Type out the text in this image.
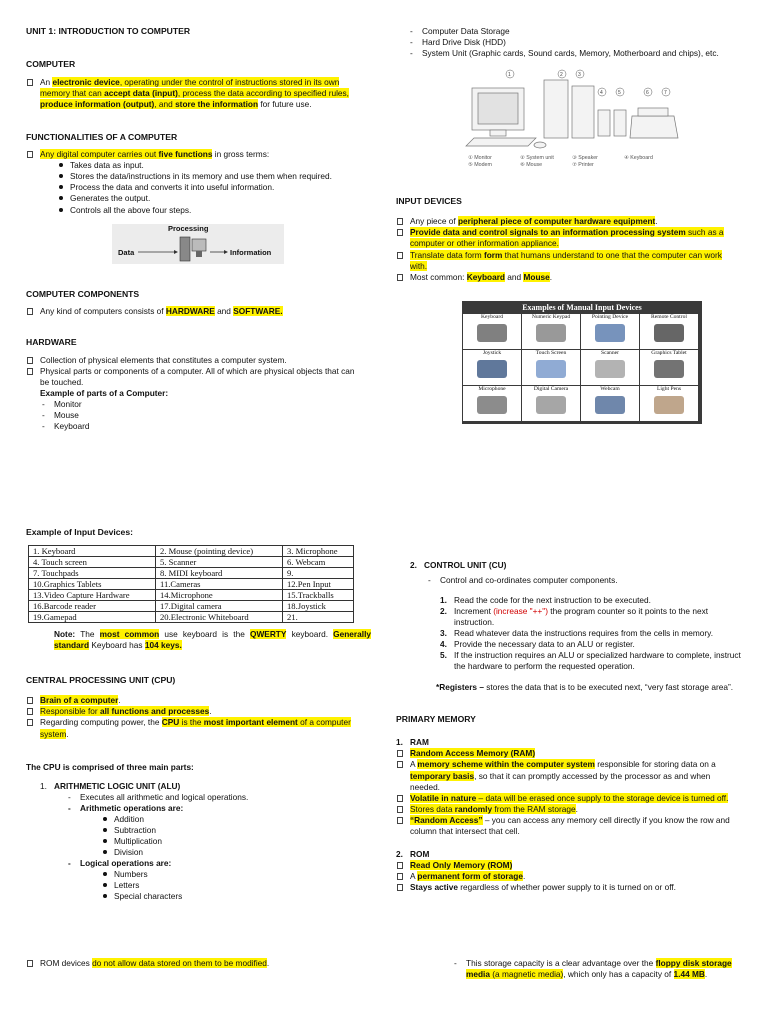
UNIT 1: INTRODUCTION TO COMPUTER

COMPUTER

An electronic device, operating under the control of instructions stored in its own memory that can accept data (input), process the data according to specified rules, produce information (output), and store the information for future use.

FUNCTIONALITIES OF A COMPUTER

Any digital computer carries out five functions in gross terms:
Takes data as input.
Stores the data/instructions in its memory and use them when required.
Process the data and converts it into useful information.
Generates the output.
Controls all the above four steps.
Processing
Data	Information

COMPUTER COMPONENTS

Any kind of computers consists of HARDWARE and SOFTWARE.

HARDWARE

Collection of physical elements that constitutes a computer system.
Physical parts or components of a computer. All of which are physical objects that can be touched.
Example of parts of a Computer:
- Monitor
- Mouse
- Keyboard

Example of Input Devices:

1. Keyboard	2. Mouse (pointing device)	3. Microphone
4. Touch screen	5. Scanner	6. Webcam
7. Touchpads	8. MIDI keyboard	9.
10.Graphics Tablets	11.Cameras	12.Pen Input
13.Video Capture Hardware	14.Microphone	15.Trackballs
16.Barcode reader	17.Digital camera	18.Joystick
19.Gamepad	20.Electronic Whiteboard	21.
Note: The most common use keyboard is the QWERTY keyboard. Generally standard Keyboard has 104 keys.

CENTRAL PROCESSING UNIT (CPU)

Brain of a computer.
Responsible for all functions and processes.
Regarding computing power, the CPU is the most important element of a computer system.

The CPU is comprised of three main parts:

1. ARITHMETIC LOGIC UNIT (ALU)
- Executes all arithmetic and logical operations.
- Arithmetic operations are:
Addition
Subtraction
Multiplication
Division
- Logical operations are:
Numbers
Letters
Special characters
ROM devices do not allow data stored on them to be modified.
- Computer Data Storage
- Hard Drive Disk (HDD)
- System Unit (Graphic cards, Sound cards, Memory, Motherboard and chips), etc.
1	2	3
4	5	6	7
① Monitor	② System unit	③ Speaker	④ Keyboard
⑤ Modem	⑥ Mouse	⑦ Printer

INPUT DEVICES

Any piece of peripheral piece of computer hardware equipment.
Provide data and control signals to an information processing system such as a computer or other information appliance.
Translate data form form that humans understand to one that the computer can work with.
Most common: Keyboard and Mouse.
Examples of Manual Input Devices
Keyboard	Numeric Keypad	Pointing Device	Remote Control
Joystick	Touch Screen	Scanner	Graphics Tablet
Microphone	Digital Camera	Webcam	Light Pens
2. CONTROL UNIT (CU)
- Control and co-ordinates computer components.
1. Read the code for the next instruction to be executed.
2. Increment (increase "++") the program counter so it points to the next instruction.
3. Read whatever data the instructions requires from the cells in memory.
4. Provide the necessary data to an ALU or register.
5. If the instruction requires an ALU or specialized hardware to complete, instruct the hardware to perform the requested operation.
*Registers – stores the data that is to be executed next, “very fast storage area”.

PRIMARY MEMORY

1. RAM
Random Access Memory (RAM)
A memory scheme within the computer system responsible for storing data on a temporary basis, so that it can promptly accessed by the processor as and when needed.
Volatile in nature – data will be erased once supply to the storage device is turned off.
Stores data randomly from the RAM storage.
“Random Access” – you can access any memory cell directly if you know the row and column that intersect that cell.
2. ROM
Read Only Memory (ROM)
A permanent form of storage.
Stays active regardless of whether power supply to it is turned on or off.
- This storage capacity is a clear advantage over the floppy disk storage media (a magnetic media), which only has a capacity of 1.44 MB.
